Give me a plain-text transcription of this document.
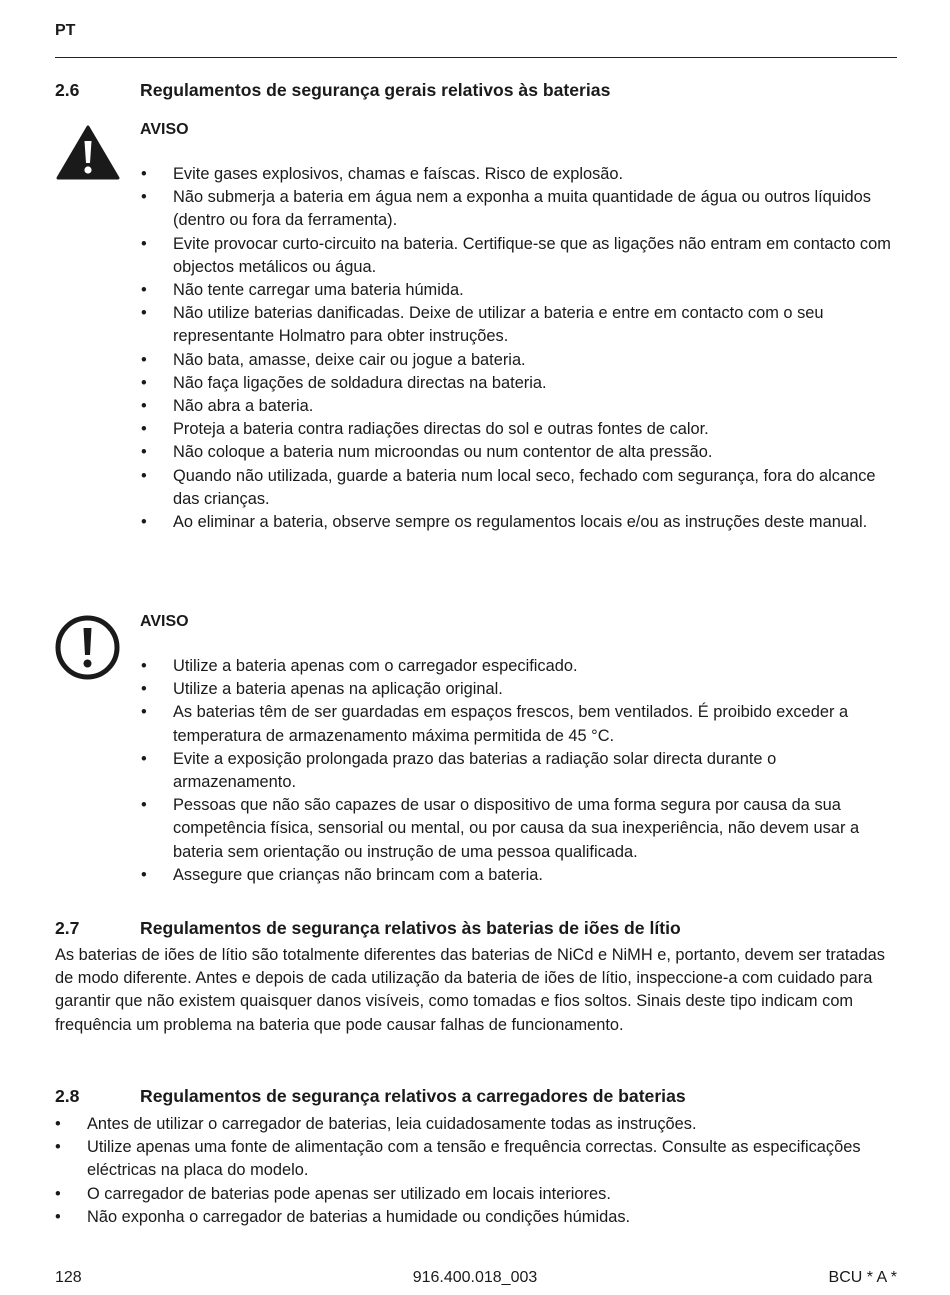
PT
2.6	Regulamentos de segurança gerais relativos às baterias
AVISO
• Evite gases explosivos, chamas e faíscas. Risco de explosão.
• Não submerja a bateria em água nem a exponha a muita quantidade de água ou outros líquidos (dentro ou fora da ferramenta).
• Evite provocar curto-circuito na bateria. Certifique-se que as ligações não entram em contacto com objectos metálicos ou água.
• Não tente carregar uma bateria húmida.
• Não utilize baterias danificadas. Deixe de utilizar a bateria e entre em contacto com o seu representante Holmatro para obter instruções.
• Não bata, amasse, deixe cair ou jogue a bateria.
• Não faça ligações de soldadura directas na bateria.
• Não abra a bateria.
• Proteja a bateria contra radiações directas do sol e outras fontes de calor.
• Não coloque a bateria num microondas ou num contentor de alta pressão.
• Quando não utilizada, guarde a bateria num local seco, fechado com segurança, fora do alcance das crianças.
• Ao eliminar a bateria, observe sempre os regulamentos locais e/ou as instruções deste manual.
AVISO
• Utilize a bateria apenas com o carregador especificado.
• Utilize a bateria apenas na aplicação original.
• As baterias têm de ser guardadas em espaços frescos, bem ventilados. É proibido exceder a temperatura de armazenamento máxima permitida de 45 °C.
• Evite a exposição prolongada prazo das baterias a radiação solar directa durante o armazenamento.
• Pessoas que não são capazes de usar o dispositivo de uma forma segura por causa da sua competência física, sensorial ou mental, ou por causa da sua inexperiência, não devem usar a bateria sem orientação ou instrução de uma pessoa qualificada.
• Assegure que crianças não brincam com a bateria.
2.7	Regulamentos de segurança relativos às baterias de iões de lítio

As baterias de iões de lítio são totalmente diferentes das baterias de NiCd e NiMH e, portanto, devem ser tratadas de modo diferente. Antes e depois de cada utilização da bateria de iões de lítio, inspeccione-a com cuidado para garantir que não existem quaisquer danos visíveis, como tomadas e fios soltos. Sinais deste tipo indicam com frequência um problema na bateria que pode causar falhas de funcionamento.

2.8	Regulamentos de segurança relativos a carregadores de baterias
• Antes de utilizar o carregador de baterias, leia cuidadosamente todas as instruções.
• Utilize apenas uma fonte de alimentação com a tensão e frequência correctas. Consulte as especificações eléctricas na placa do modelo.
• O carregador de baterias pode apenas ser utilizado em locais interiores.
• Não exponha o carregador de baterias a humidade ou condições húmidas.
128	916.400.018_003	BCU * A *
